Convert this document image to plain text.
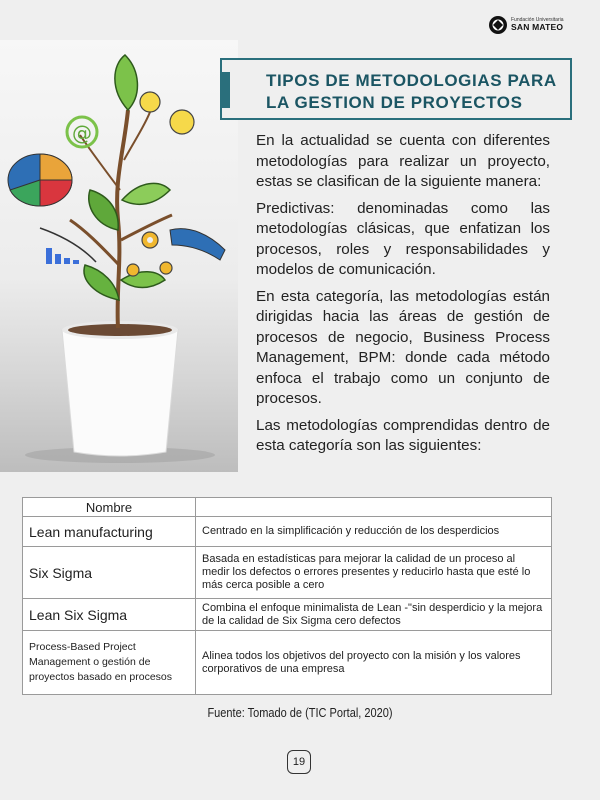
Fundación Universitaria
SAN MATEO
@
TIPOS DE METODOLOGIAS PARA
LA GESTION DE PROYECTOS

En la actualidad se cuenta con diferentes metodologías para realizar un proyecto, estas se clasifican de la siguiente manera:

Predictivas: denominadas como las metodologías clásicas, que enfatizan los procesos, roles y responsabilidades y modelos de comunicación.

En esta categoría, las metodologías están dirigidas hacia las áreas de gestión de procesos de negocio, Business Process Management, BPM: donde cada método enfoca el trabajo como un conjunto de procesos.

Las metodologías comprendidas dentro de esta categoría son las siguientes:

Nombre	
Lean manufacturing	Centrado en la simplificación y reducción de los desperdicios
Six Sigma	Basada en estadísticas para mejorar la calidad de un proceso al medir los defectos o errores presentes y reducirlo hasta que esté lo más cerca posible a cero
Lean Six Sigma	Combina el enfoque minimalista de Lean -"sin desperdicio y la mejora de la calidad de Six Sigma cero defectos
Process-Based Project Management o gestión de proyectos basado en procesos	Alinea todos los objetivos del proyecto con la misión y los valores corporativos de una empresa
Fuente: Tomado de (TIC Portal, 2020)
19
